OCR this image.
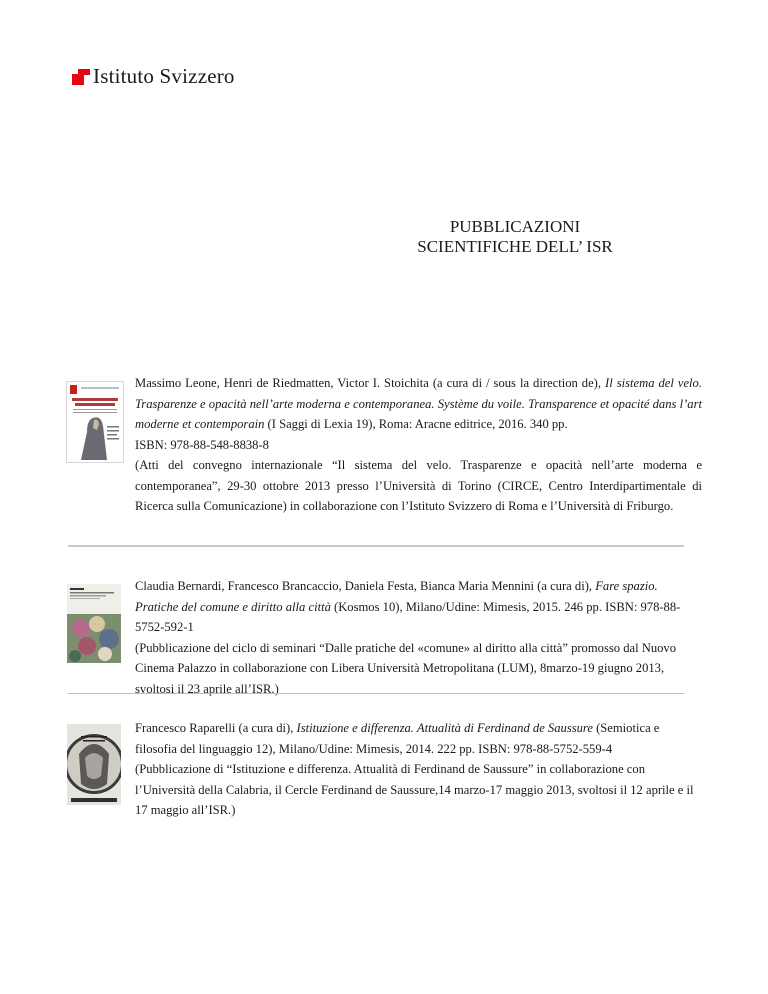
Istituto Svizzero
PUBBLICAZIONI
SCIENTIFICHE DELL’ ISR
Massimo Leone, Henri de Riedmatten, Victor I. Stoichita (a cura di / sous la direction de), Il sistema del velo. Trasparenze e opacità nell’arte moderna e contemporanea. Système du voile. Transparence et opacité dans l’art moderne et contemporain (I Saggi di Lexia 19), Roma: Aracne editrice, 2016. 340 pp.
ISBN: 978-88-548-8838-8
(Atti del convegno internazionale “Il sistema del velo. Trasparenze e opacità nell’arte moderna e contemporanea”, 29-30 ottobre 2013 presso l’Università di Torino (CIRCE, Centro Interdipartimentale di Ricerca sulla Comunicazione) in collaborazione con l’Istituto Svizzero di Roma e l’Università di Friburgo.
Claudia Bernardi, Francesco Brancaccio, Daniela Festa, Bianca Maria Mennini (a cura di), Fare spazio. Pratiche del comune e diritto alla città (Kosmos 10), Milano/Udine: Mimesis, 2015. 246 pp. ISBN: 978-88-5752-592-1
(Pubblicazione del ciclo di seminari “Dalle pratiche del «comune» al diritto alla città” promosso dal Nuovo Cinema Palazzo in collaborazione con Libera Università Metropolitana (LUM), 8marzo-19 giugno 2013, svoltosi il 23 aprile all’ISR.)
Francesco Raparelli (a cura di), Istituzione e differenza. Attualità di Ferdinand de Saussure (Semiotica e filosofia del linguaggio 12), Milano/Udine: Mimesis, 2014. 222 pp. ISBN: 978-88-5752-559-4
(Pubblicazione di “Istituzione e differenza. Attualità di Ferdinand de Saussure” in collaborazione con l’Università della Calabria, il Cercle Ferdinand de Saussure,14 marzo-17 maggio 2013, svoltosi il 12 aprile e il 17 maggio all’ISR.)
